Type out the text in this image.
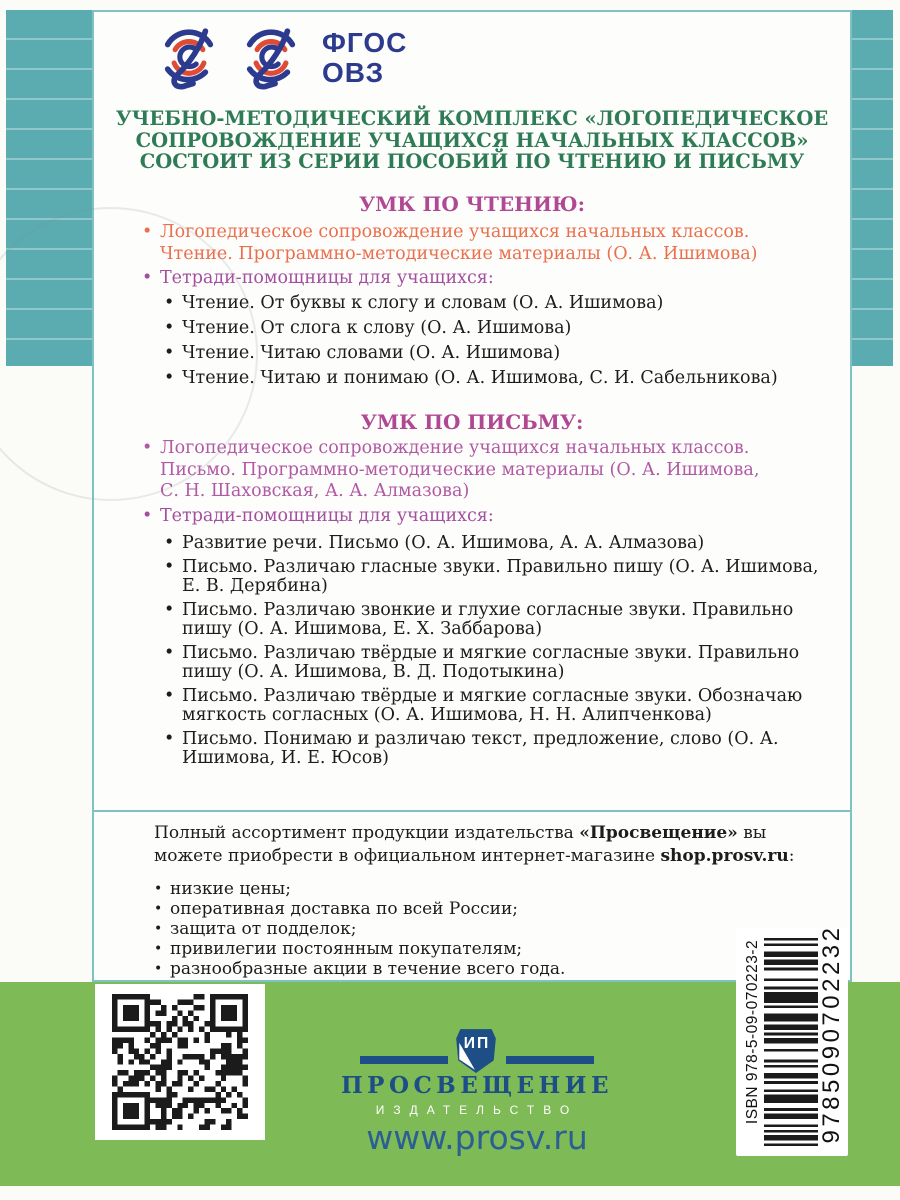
ФГОС
ОВЗ
УЧЕБНО-МЕТОДИЧЕСКИЙ КОМПЛЕКС «ЛОГОПЕДИЧЕСКОЕ
СОПРОВОЖДЕНИЕ УЧАЩИХСЯ НАЧАЛЬНЫХ КЛАССОВ»
СОСТОИТ ИЗ СЕРИИ ПОСОБИЙ ПО ЧТЕНИЮ И ПИСЬМУ
УМК ПО ЧТЕНИЮ:
• Логопедическое сопровождение учащихся начальных классов.
Чтение. Программно-методические материалы (О. А. Ишимова)
• Тетради-помощницы для учащихся:
• Чтение. От буквы к слогу и словам (О. А. Ишимова)
• Чтение. От слога к слову (О. А. Ишимова)
• Чтение. Читаю словами (О. А. Ишимова)
• Чтение. Читаю и понимаю (О. А. Ишимова, С. И. Сабельникова)
УМК ПО ПИСЬМУ:
• Логопедическое сопровождение учащихся начальных классов.
Письмо. Программно-методические материалы (О. А. Ишимова,
С. Н. Шаховская, А. А. Алмазова)
• Тетради-помощницы для учащихся:
• Развитие речи. Письмо (О. А. Ишимова, А. А. Алмазова)
• Письмо. Различаю гласные звуки. Правильно пишу (О. А. Ишимова, Е. В. Дерябина)
• Письмо. Различаю звонкие и глухие согласные звуки. Правильно пишу (О. А. Ишимова, Е. Х. Заббарова)
• Письмо. Различаю твёрдые и мягкие согласные звуки. Правильно пишу (О. А. Ишимова, В. Д. Подотыкина)
• Письмо. Различаю твёрдые и мягкие согласные звуки. Обозначаю мягкость согласных (О. А. Ишимова, Н. Н. Алипченкова)
• Письмо. Понимаю и различаю текст, предложение, слово (О. А. Ишимова, И. Е. Юсов)
Полный ассортимент продукции издательства «Просвещение» вы
можете приобрести в официальном интернет-магазине shop.prosv.ru:
• низкие цены;
• оперативная доставка по всей России;
• защита от подделок;
• привилегии постоянным покупателям;
• разнообразные акции в течение всего года.
ИП
ПРОСВЕЩЕНИЕ
ИЗДАТЕЛЬСТВО
www.prosv.ru
ISBN 978-5-09-070223-2 9785090702232
